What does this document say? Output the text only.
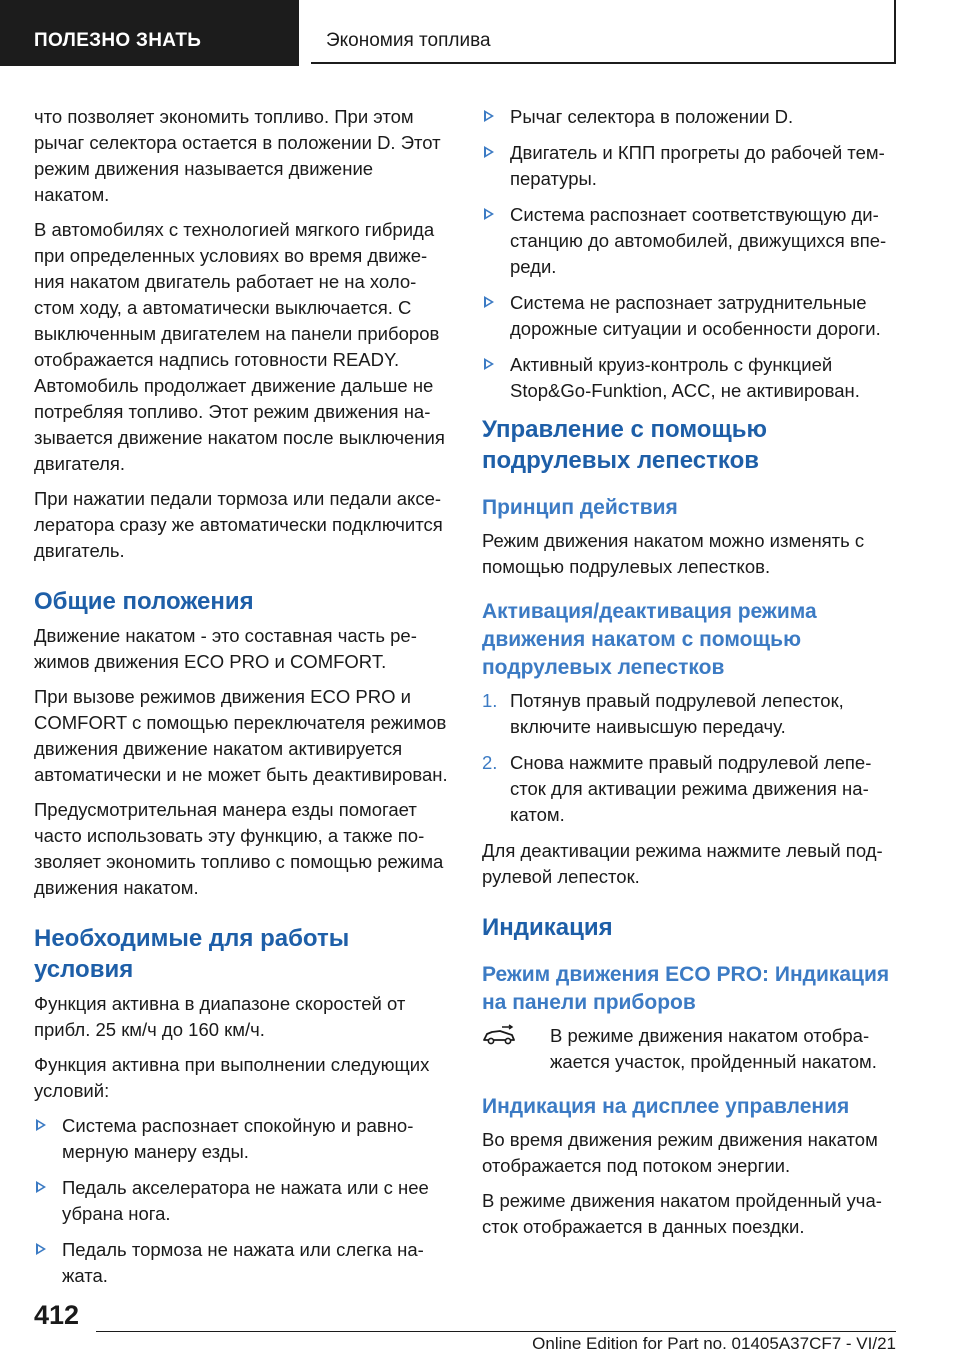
ПОЛЕЗНО ЗНАТЬ	Экономия топлива

что позволяет экономить топливо. При этом рычаг селектора остается в положении D. Этот режим движения называется движение накатом.

В автомобилях с технологией мягкого гибрида при определенных условиях во время движения накатом двигатель работает не на холостом ходу, а автоматически выключается. С выключенным двигателем на панели приборов отображается надпись готовности READY. Автомобиль продолжает движение дальше не потребляя топливо. Этот режим движения называется движение накатом после выключения двигателя.

При нажатии педали тормоза или педали акселератора сразу же автоматически подключится двигатель.

Общие положения

Движение накатом - это составная часть режимов движения ECO PRO и COMFORT.

При вызове режимов движения ECO PRO и COMFORT с помощью переключателя режимов движения движение накатом активируется автоматически и не может быть деактивирован.

Предусмотрительная манера езды помогает часто использовать эту функцию, а также позволяет экономить топливо с помощью режима движения накатом.

Необходимые для работы условия

Функция активна в диапазоне скоростей от прибл. 25 км/ч до 160 км/ч.

Функция активна при выполнении следующих условий:

Система распознает спокойную и равномерную манеру езды.
Педаль акселератора не нажата или с нее убрана нога.
Педаль тормоза не нажата или слегка нажата.
Рычаг селектора в положении D.
Двигатель и КПП прогреты до рабочей температуры.
Система распознает соответствующую дистанцию до автомобилей, движущихся впереди.
Система не распознает затруднительные дорожные ситуации и особенности дороги.
Активный круиз-контроль с функцией Stop&Go-Funktion, ACC, не активирован.
Управление с помощью подрулевых лепестков
Принцип действия

Режим движения накатом можно изменять с помощью подрулевых лепестков.

Активация/деактивация режима движения накатом с помощью подрулевых лепестков
1. Потянув правый подрулевой лепесток, включите наивысшую передачу.
2. Снова нажмите правый подрулевой лепесток для активации режима движения накатом.

Для деактивации режима нажмите левый подрулевой лепесток.

Индикация
Режим движения ECO PRO: Индикация на панели приборов

В режиме движения накатом отображается участок, пройденный накатом.

Индикация на дисплее управления

Во время движения режим движения накатом отображается под потоком энергии.

В режиме движения накатом пройденный участок отображается в данных поездки.

412
Online Edition for Part no. 01405A37CF7 - VI/21
